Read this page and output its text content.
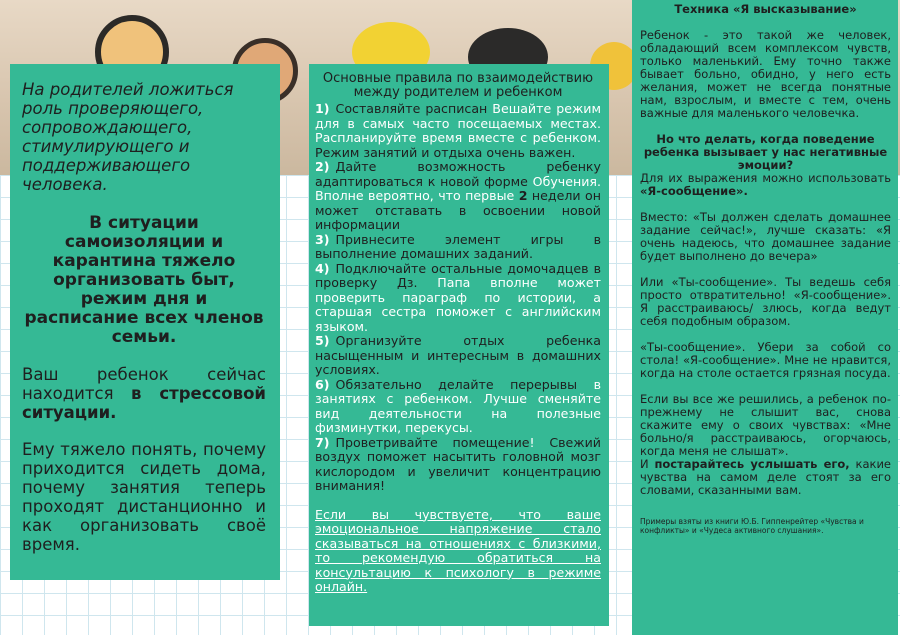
На родителей ложиться роль проверяющего, сопровождающего, стимулирующего и поддерживающего человека.

В ситуации самоизоляции и карантина тяжело организовать быт, режим дня и расписание всех членов семьи.

Ваш ребенок сейчас находится в стрессовой ситуации.

Ему тяжело понять, почему приходится сидеть дома, почему занятия теперь проходят дистанционно и как организовать своё время.

Основные правила по взаимодействию между родителем и ребенком

1) Составляйте расписан Вешайте режим для в самых часто посещаемых местах. Распланируйте время вместе с ребенком. Режим занятий и отдыха очень важен.

2) Дайте возможность ребенку адаптироваться к новой форме Обучения. Вполне вероятно, что первые 2 недели он может отставать в освоении новой информации

3) Привнесите элемент игры в выполнение домашних заданий.

4) Подключайте остальные домочадцев в проверку Дз. Папа вполне может проверить параграф по истории, а старшая сестра поможет с английским языком.

5) Организуйте отдых ребенка насыщенным и интересным в домашних условиях.

6) Обязательно делайте перерывы в занятиях с ребенком. Лучше сменяйте вид деятельности на полезные физминутки, перекусы.

7) Проветривайте помещение! Свежий воздух поможет насытить головной мозг кислородом и увеличит концентрацию внимания!

Если вы чувствуете, что ваше эмоциональное напряжение стало сказываться на отношениях с близкими, то рекомендую обратиться на консультацию к психологу в режиме онлайн.

Техника «Я высказывание»

Ребенок - это такой же человек, обладающий всем комплексом чувств, только маленький. Ему точно также бывает больно, обидно, у него есть желания, может не всегда понятные нам, взрослым, и вместе с тем, очень важные для маленького человечка.

Но что делать, когда поведение ребенка вызывает у нас негативные эмоции?

Для их выражения можно использовать «Я-сообщение».

Вместо: «Ты должен сделать домашнее задание сейчас!», лучше сказать: «Я очень надеюсь, что домашнее задание будет выполнено до вечера»

Или «Ты-сообщение». Ты ведешь себя просто отвратительно! «Я-сообщение». Я расстраиваюсь/ злюсь, когда ведут себя подобным образом.

«Ты-сообщение». Убери за собой со стола! «Я-сообщение». Мне не нравится, когда на столе остается грязная посуда.

Если вы все же решились, а ребенок по-прежнему не слышит вас, снова скажите ему о своих чувствах: «Мне больно/я расстраиваюсь, огорчаюсь, когда меня не слышат».

И постарайтесь услышать его, какие чувства на самом деле стоят за его словами, сказанными вам.

Примеры взяты из книги Ю.Б. Гиппенрейтер «Чувства и конфликты» и «Чудеса активного слушания».
